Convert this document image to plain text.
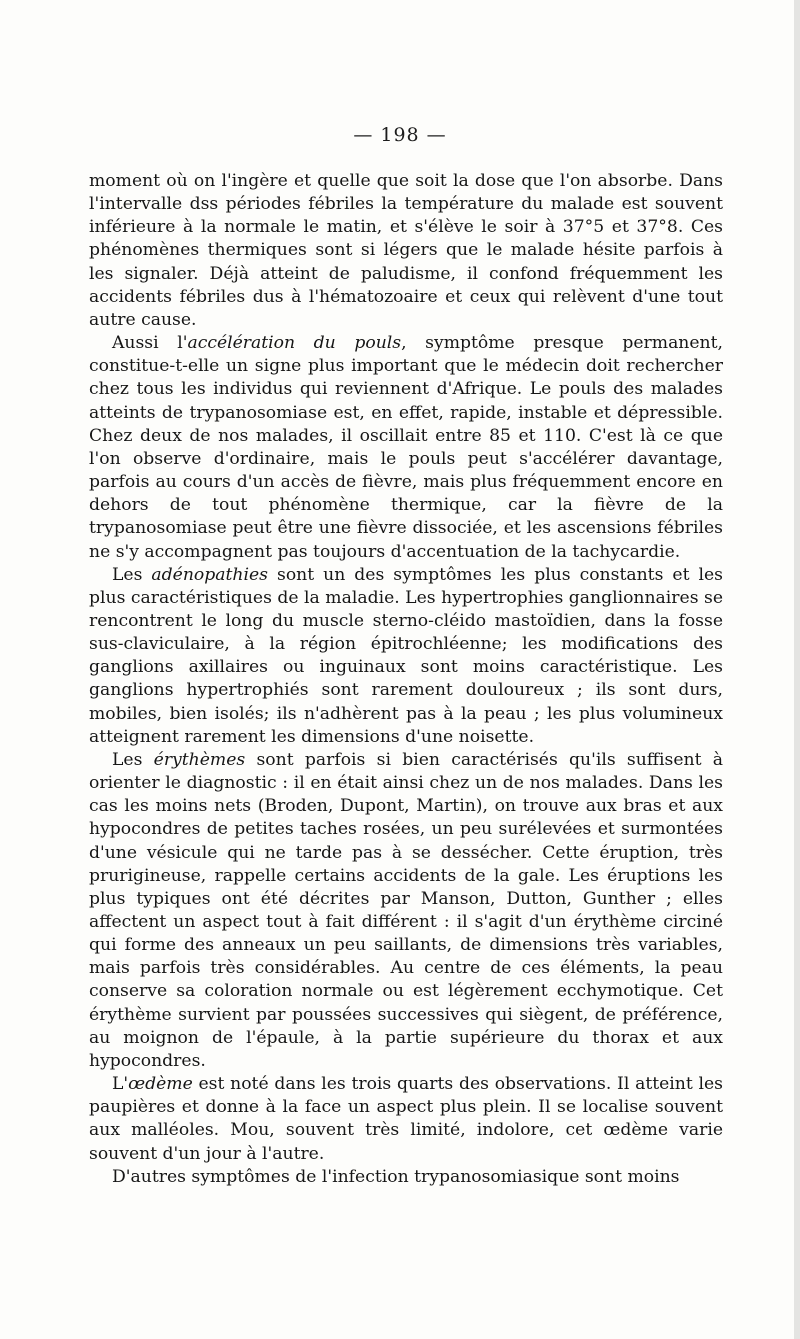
— 198 —

moment où on l'ingère et quelle que soit la dose que l'on absorbe. Dans l'intervalle dss périodes fébriles la température du malade est souvent inférieure à la normale le matin, et s'élève le soir à 37°5 et 37°8. Ces phénomènes thermiques sont si légers que le malade hésite parfois à les signaler. Déjà atteint de paludisme, il confond fréquemment les accidents fébriles dus à l'hématozoaire et ceux qui relèvent d'une tout autre cause.

Aussi l'accélération du pouls, symptôme presque permanent, constitue-t-elle un signe plus important que le médecin doit rechercher chez tous les individus qui reviennent d'Afrique. Le pouls des malades atteints de trypanosomiase est, en effet, rapide, instable et dépressible. Chez deux de nos malades, il oscillait entre 85 et 110. C'est là ce que l'on observe d'ordinaire, mais le pouls peut s'accélérer davantage, parfois au cours d'un accès de fièvre, mais plus fréquemment encore en dehors de tout phénomène thermique, car la fièvre de la trypanosomiase peut être une fièvre dissociée, et les ascensions fébriles ne s'y accompagnent pas toujours d'accentuation de la tachycardie.

Les adénopathies sont un des symptômes les plus constants et les plus caractéristiques de la maladie. Les hypertrophies ganglionnaires se rencontrent le long du muscle sterno-cléido mastoïdien, dans la fosse sus-claviculaire, à la région épitrochléenne; les modifications des ganglions axillaires ou inguinaux sont moins caractéristique. Les ganglions hypertrophiés sont rarement douloureux ; ils sont durs, mobiles, bien isolés; ils n'adhèrent pas à la peau ; les plus volumineux atteignent rarement les dimensions d'une noisette.

Les érythèmes sont parfois si bien caractérisés qu'ils suffisent à orienter le diagnostic : il en était ainsi chez un de nos malades. Dans les cas les moins nets (Broden, Dupont, Martin), on trouve aux bras et aux hypocondres de petites taches rosées, un peu surélevées et surmontées d'une vésicule qui ne tarde pas à se dessécher. Cette éruption, très prurigineuse, rappelle certains accidents de la gale. Les éruptions les plus typiques ont été décrites par Manson, Dutton, Gunther ; elles affectent un aspect tout à fait différent : il s'agit d'un érythème circiné qui forme des anneaux un peu saillants, de dimensions très variables, mais parfois très considérables. Au centre de ces éléments, la peau conserve sa coloration normale ou est légèrement ecchymotique. Cet érythème survient par poussées successives qui siègent, de préférence, au moignon de l'épaule, à la partie supérieure du thorax et aux hypocondres.

L'œdème est noté dans les trois quarts des observations. Il atteint les paupières et donne à la face un aspect plus plein. Il se localise souvent aux malléoles. Mou, souvent très limité, indolore, cet œdème varie souvent d'un jour à l'autre.

D'autres symptômes de l'infection trypanosomiasique sont moins
